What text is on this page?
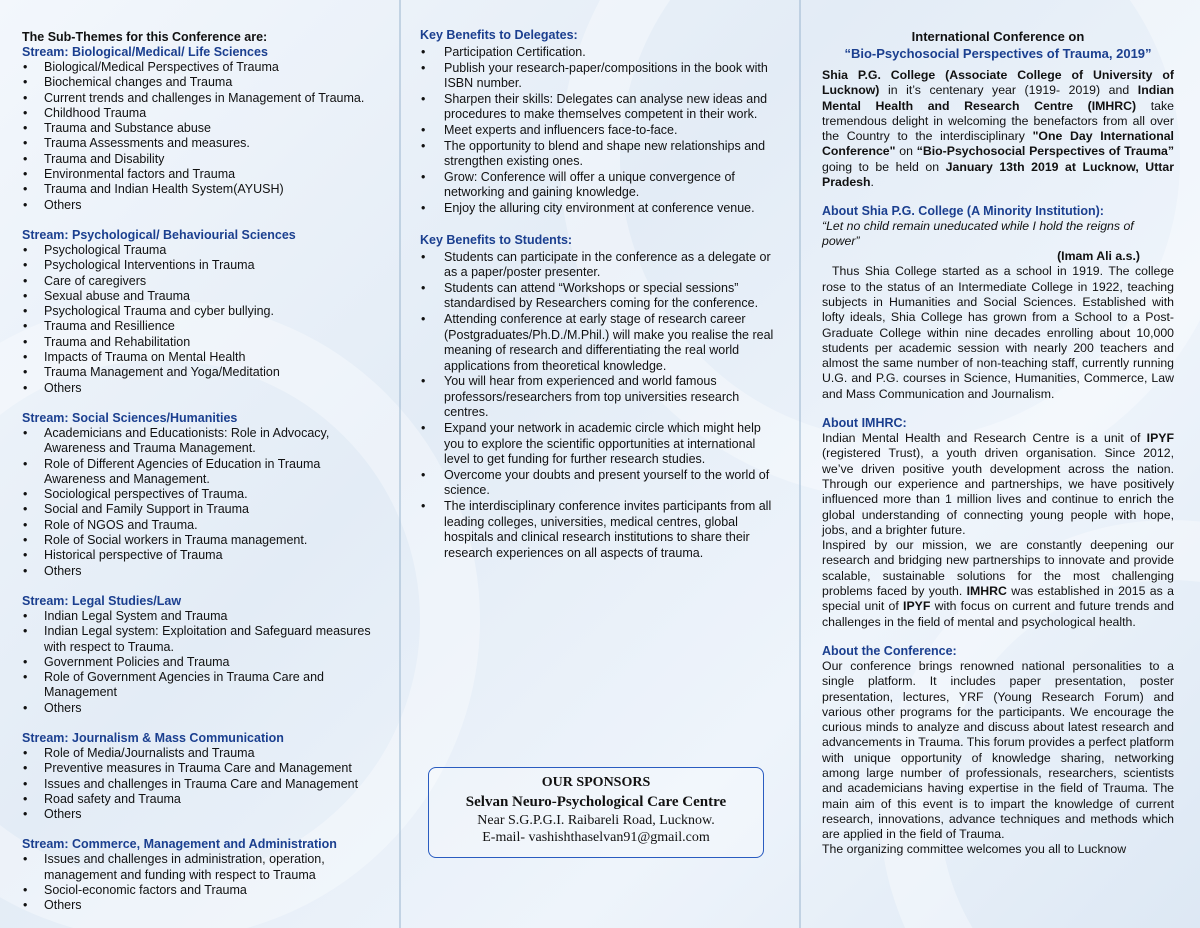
The Sub-Themes for this Conference are:
Stream: Biological/Medical/ Life Sciences
• Biological/Medical Perspectives of Trauma
• Biochemical changes and Trauma
• Current trends and challenges in Management of Trauma.
• Childhood Trauma
• Trauma and Substance abuse
• Trauma Assessments and measures.
• Trauma and Disability
• Environmental factors and Trauma
• Trauma and Indian Health System(AYUSH)
• Others
Stream: Psychological/ Behaviourial Sciences
• Psychological Trauma
• Psychological Interventions in Trauma
• Care of caregivers
• Sexual abuse and Trauma
• Psychological Trauma and cyber bullying.
• Trauma and Resillience
• Trauma and Rehabilitation
• Impacts of Trauma on Mental Health
• Trauma Management and Yoga/Meditation
• Others
Stream: Social Sciences/Humanities
• Academicians and Educationists: Role in Advocacy, Awareness and Trauma Management.
• Role of Different Agencies of Education in Trauma Awareness and Management.
• Sociological perspectives of Trauma.
• Social and Family Support in Trauma
• Role of NGOS and Trauma.
• Role of Social workers in Trauma management.
• Historical perspective of Trauma
• Others
Stream: Legal Studies/Law
• Indian Legal System and Trauma
• Indian Legal system: Exploitation and Safeguard measures with respect to Trauma.
• Government Policies and Trauma
• Role of Government Agencies in Trauma Care and Management
• Others
Stream: Journalism & Mass Communication
• Role of Media/Journalists and Trauma
• Preventive measures in Trauma Care and Management
• Issues and challenges in Trauma Care and Management
• Road safety and Trauma
• Others
Stream: Commerce, Management and Administration
• Issues and challenges in administration, operation, management and funding with respect to Trauma
• Sociol-economic factors and Trauma
• Others
Key Benefits to Delegates:
• Participation Certification.
• Publish your research-paper/compositions in the book with ISBN number.
• Sharpen their skills: Delegates can analyse new ideas and procedures to make themselves competent in their work.
• Meet experts and influencers face-to-face.
• The opportunity to blend and shape new relationships and strengthen existing ones.
• Grow: Conference will offer a unique convergence of networking and gaining knowledge.
• Enjoy the alluring city environment at conference venue.
Key Benefits to Students:
• Students can participate in the conference as a delegate or as a paper/poster presenter.
• Students can attend “Workshops or special sessions” standardised by Researchers coming for the conference.
• Attending conference at early stage of research career (Postgraduates/Ph.D./M.Phil.) will make you realise the real meaning of research and differentiating the real world applications from theoretical knowledge.
• You will hear from experienced and world famous professors/researchers from top universities research centres.
• Expand your network in academic circle which might help you to explore the scientific opportunities at international level to get funding for further research studies.
• Overcome your doubts and present yourself to the world of science.
• The interdisciplinary conference invites participants from all leading colleges, universities, medical centres, global hospitals and clinical research institutions to share their research experiences on all aspects of trauma.
OUR SPONSORS
Selvan Neuro-Psychological Care Centre
Near S.G.P.G.I. Raibareli Road, Lucknow.
E-mail- vashishthaselvan91@gmail.com
International Conference on
“Bio-Psychosocial Perspectives of Trauma, 2019”

Shia P.G. College (Associate College of University of Lucknow) in it’s centenary year (1919- 2019) and Indian Mental Health and Research Centre (IMHRC) take tremendous delight in welcoming the benefactors from all over the Country to the interdisciplinary "One Day International Conference" on “Bio-Psychosocial Perspectives of Trauma” going to be held on January 13th 2019 at Lucknow, Uttar Pradesh.

About Shia P.G. College (A Minority Institution):
“Let no child remain uneducated while I hold the reigns of power”
(Imam Ali a.s.)

Thus Shia College started as a school in 1919. The college rose to the status of an Intermediate College in 1922, teaching subjects in Humanities and Social Sciences. Established with lofty ideals, Shia College has grown from a School to a Post-Graduate College within nine decades enrolling about 10,000 students per academic session with nearly 200 teachers and almost the same number of non-teaching staff, currently running U.G. and P.G. courses in Science, Humanities, Commerce, Law and Mass Communication and Journalism.

About IMHRC:

Indian Mental Health and Research Centre is a unit of IPYF (registered Trust), a youth driven organisation. Since 2012, we’ve driven positive youth development across the nation. Through our experience and partnerships, we have positively influenced more than 1 million lives and continue to enrich the global understanding of connecting young people with hope, jobs, and a brighter future.

Inspired by our mission, we are constantly deepening our research and bridging new partnerships to innovate and provide scalable, sustainable solutions for the most challenging problems faced by youth. IMHRC was established in 2015 as a special unit of IPYF with focus on current and future trends and challenges in the field of mental and psychological health.

About the Conference:

Our conference brings renowned national personalities to a single platform. It includes paper presentation, poster presentation, lectures, YRF (Young Research Forum) and various other programs for the participants. We encourage the curious minds to analyze and discuss about latest research and advancements in Trauma. This forum provides a perfect platform with unique opportunity of knowledge sharing, networking among large number of professionals, researchers, scientists and academicians having expertise in the field of Trauma. The main aim of this event is to impart the knowledge of current research, innovations, advance techniques and methods which are applied in the field of Trauma.

The organizing committee welcomes you all to Lucknow
